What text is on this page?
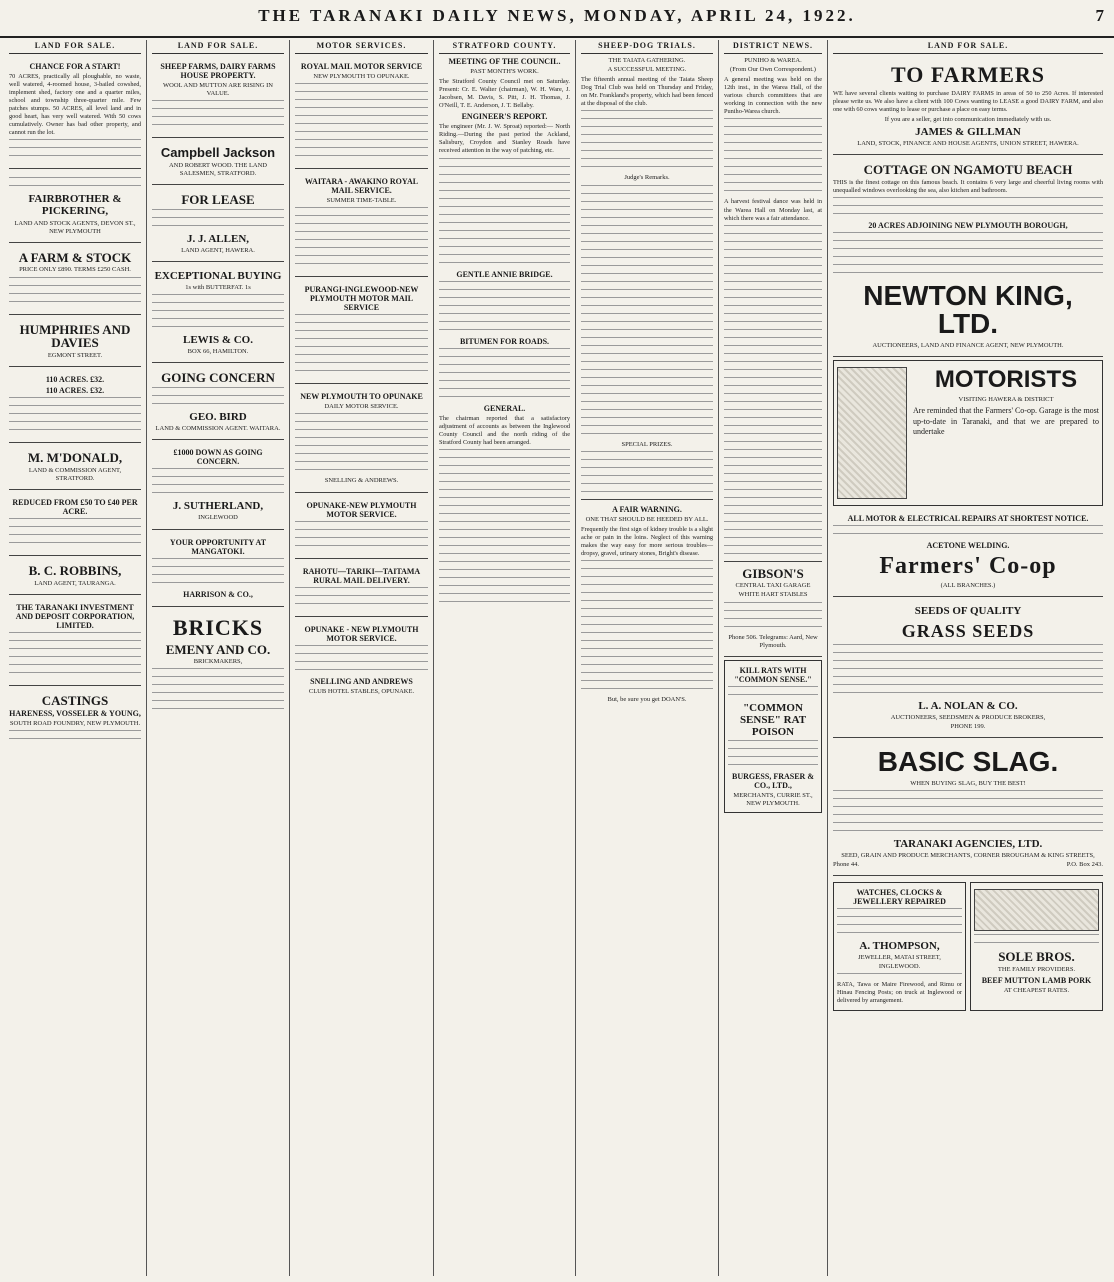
THE TARANAKI DAILY NEWS, MONDAY, APRIL 24, 1922.	7
LAND FOR SALE.
CHANCE FOR A START!
70 ACRES, practically all ploughable, no waste, well watered, 4-roomed house, 3-bailed cowshed, implement shed, factory one and a quarter miles, school and township three-quarter mile. Few patches stumps. 50 ACRES, all level land and in good heart, has very well watered. With 50 cows cumulatively. Owner has bad other property, and cannot run the lot.
FAIRBROTHER & PICKERING,
LAND AND STOCK AGENTS, DEVON ST., NEW PLYMOUTH
A FARM & STOCK
PRICE ONLY £890. TERMS £250 CASH.
HUMPHRIES AND DAVIES
EGMONT STREET.
110 ACRES. £32.
110 ACRES. £32.
M. M'DONALD,
LAND & COMMISSION AGENT, STRATFORD.
REDUCED FROM £50 TO £40 PER ACRE.
B. C. ROBBINS,
LAND AGENT, TAURANGA.
THE TARANAKI INVESTMENT AND DEPOSIT CORPORATION, LIMITED.
CASTINGS
HARENESS, VOSSELER & YOUNG,
SOUTH ROAD FOUNDRY, NEW PLYMOUTH.
LAND FOR SALE.
SHEEP FARMS, DAIRY FARMS HOUSE PROPERTY.
WOOL AND MUTTON ARE RISING IN VALUE.
Campbell Jackson
AND ROBERT WOOD. THE LAND SALESMEN, STRATFORD.
FOR LEASE
J. J. ALLEN,
LAND AGENT, HAWERA.
EXCEPTIONAL BUYING
1s with BUTTERFAT. 1s
LEWIS & CO.
BOX 66, HAMILTON.
GOING CONCERN
GEO. BIRD
LAND & COMMISSION AGENT. WAITARA.
£1000 DOWN AS GOING CONCERN.
J. SUTHERLAND,
INGLEWOOD
YOUR OPPORTUNITY AT MANGATOKI.
HARRISON & CO.,
BRICKS
EMENY AND CO.
BRICKMAKERS,
MOTOR SERVICES.
ROYAL MAIL MOTOR SERVICE
NEW PLYMOUTH TO OPUNAKE.
WAITARA - AWAKINO ROYAL MAIL SERVICE.
SUMMER TIME-TABLE.
PURANGI-INGLEWOOD-NEW PLYMOUTH MOTOR MAIL SERVICE
NEW PLYMOUTH TO OPUNAKE
DAILY MOTOR SERVICE.
SNELLING & ANDREWS.
OPUNAKE-NEW PLYMOUTH MOTOR SERVICE.
RAHOTU—TARIKI—TAITAMA RURAL MAIL DELIVERY.
OPUNAKE - NEW PLYMOUTH MOTOR SERVICE.
SNELLING AND ANDREWS
CLUB HOTEL STABLES, OPUNAKE.
STRATFORD COUNTY.
MEETING OF THE COUNCIL.
PAST MONTH'S WORK.
The Stratford County Council met on Saturday. Present: Cr. E. Walter (chairman), W. H. Ware, J. Jacobsen, M. Davis, S. Pitt, J. H. Thomas, J. O'Neill, T. E. Anderson, J. T. Bellaby.
ENGINEER'S REPORT.
The engineer (Mr. J. W. Sproat) reported:— North Riding.—During the past period the Ackland, Salisbury, Croydon and Stanley Roads have received attention in the way of patching, etc.
GENTLE ANNIE BRIDGE.
BITUMEN FOR ROADS.
GENERAL.
The chairman reported that a satisfactory adjustment of accounts as between the Inglewood County Council and the north riding of the Stratford County had been arranged.
SHEEP-DOG TRIALS.
THE TAIATA GATHERING.
A SUCCESSFUL MEETING.
The fifteenth annual meeting of the Taiata Sheep Dog Trial Club was held on Thursday and Friday, on Mr. Frankland's property, which had been fenced at the disposal of the club.
Judge's Remarks.
SPECIAL PRIZES.
A FAIR WARNING.
ONE THAT SHOULD BE HEEDED BY ALL.
Frequently the first sign of kidney trouble is a slight ache or pain in the loins. Neglect of this warning makes the way easy for more serious troubles—dropsy, gravel, urinary stones, Bright's disease.
But, be sure you get DOAN'S.
DISTRICT NEWS.
PUNIHO & WAREA.
(From Our Own Correspondent.)
A general meeting was held on the 12th inst., in the Warea Hall, of the various church committees that are working in connection with the new Puniho-Warea church.
A harvest festival dance was held in the Warea Hall on Monday last, at which there was a fair attendance.
GIBSON'S
CENTRAL TAXI GARAGE
WHITE HART STABLES
Phone 506. Telegrams: Aard, New Plymouth.
KILL RATS WITH "COMMON SENSE."
"COMMON SENSE" RAT POISON
BURGESS, FRASER & CO., LTD.,
MERCHANTS, CURRIE ST., NEW PLYMOUTH.
LAND FOR SALE.
TO FARMERS
WE have several clients waiting to purchase DAIRY FARMS in areas of 50 to 250 Acres. If interested please write us. We also have a client with 100 Cows wanting to LEASE a good DAIRY FARM, and also one with 60 cows wanting to lease or purchase a place on easy terms.
If you are a seller, get into communication immediately with us.
JAMES & GILLMAN
LAND, STOCK, FINANCE AND HOUSE AGENTS, UNION STREET, HAWERA.
COTTAGE ON NGAMOTU BEACH
THIS is the finest cottage on this famous beach. It contains 6 very large and cheerful living rooms with unequalled windows overlooking the sea, also kitchen and bathroom.
20 ACRES ADJOINING NEW PLYMOUTH BOROUGH,
NEWTON KING, LTD.
AUCTIONEERS, LAND AND FINANCE AGENT, NEW PLYMOUTH.
MOTORISTS
VISITING HAWERA & DISTRICT
Are reminded that the Farmers' Co-op. Garage is the most up-to-date in Taranaki, and that we are prepared to undertake
ALL MOTOR & ELECTRICAL REPAIRS AT SHORTEST NOTICE.
ACETONE WELDING.
Farmers' Co-op
(ALL BRANCHES.)
SEEDS OF QUALITY
GRASS SEEDS
L. A. NOLAN & CO.
AUCTIONEERS, SEEDSMEN & PRODUCE BROKERS,
PHONE 199.
BASIC SLAG.
WHEN BUYING SLAG, BUY THE BEST!
TARANAKI AGENCIES, LTD.
SEED, GRAIN AND PRODUCE MERCHANTS, CORNER BROUGHAM & KING STREETS,
Phone 44.	P.O. Box 243.
WATCHES, CLOCKS & JEWELLERY REPAIRED
A. THOMPSON,
JEWELLER, MATAI STREET, INGLEWOOD.
RATA, Tawa or Maire Firewood, and Rimu or Hinau Fencing Posts; on truck at Inglewood or delivered by arrangement.
SOLE BROS.
THE FAMILY PROVIDERS.
BEEF MUTTON LAMB PORK
AT CHEAPEST RATES.
